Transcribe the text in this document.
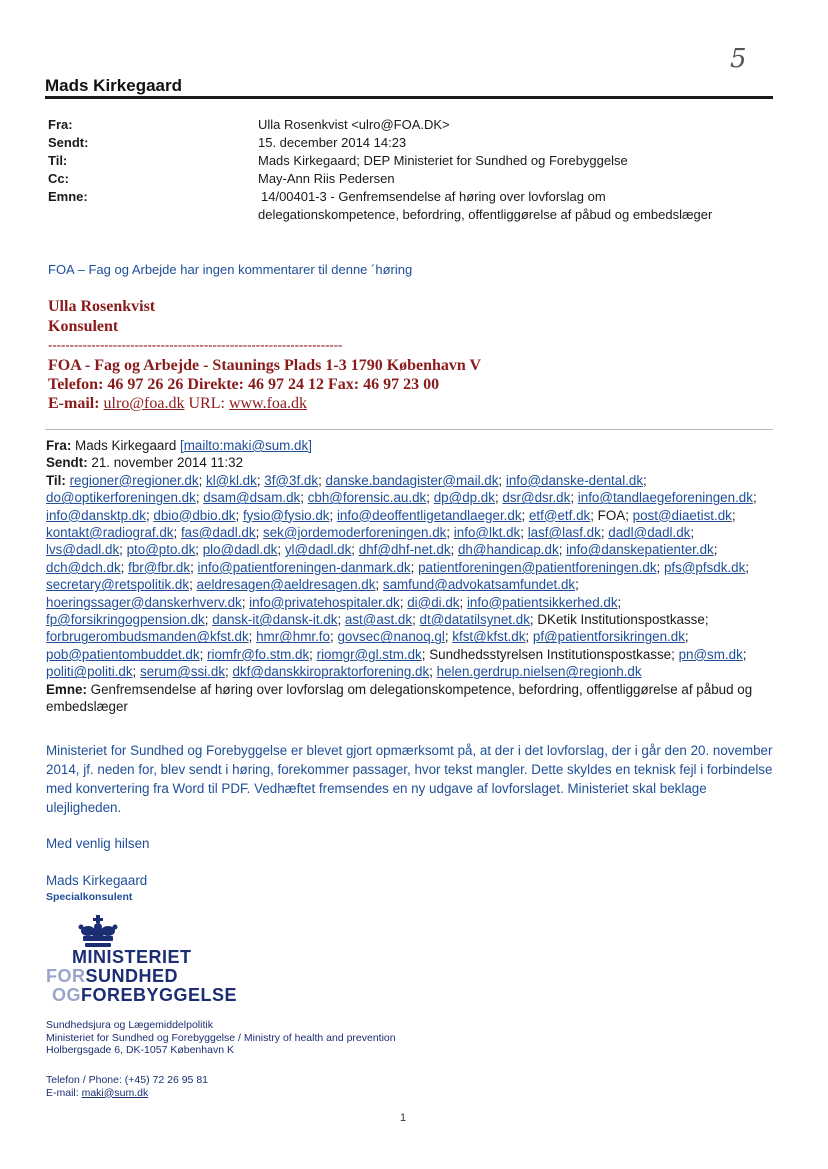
5
Mads Kirkegaard
Fra:	Ulla Rosenkvist <ulro@FOA.DK>
Sendt:	15. december 2014 14:23
Til:	Mads Kirkegaard; DEP Ministeriet for Sundhed og Forebyggelse
Cc:	May-Ann Riis Pedersen
Emne:	14/00401-3 - Genfremsendelse af høring over lovforslag om
delegationskompetence, befordring, offentliggørelse af påbud og embedslæger
FOA – Fag og Arbejde har ingen kommentarer til denne ´høring
Ulla Rosenkvist
Konsulent
--------------------------------------------------------------------
FOA - Fag og Arbejde - Staunings Plads 1-3 1790 København V
Telefon: 46 97 26 26 Direkte: 46 97 24 12 Fax: 46 97 23 00
E-mail: ulro@foa.dk URL: www.foa.dk
Fra: Mads Kirkegaard [mailto:maki@sum.dk]
Sendt: 21. november 2014 11:32
Til: regioner@regioner.dk; kl@kl.dk; 3f@3f.dk; danske.bandagister@mail.dk; info@danske-dental.dk; do@optikerforeningen.dk; dsam@dsam.dk; cbh@forensic.au.dk; dp@dp.dk; dsr@dsr.dk; info@tandlaegeforeningen.dk; info@dansktp.dk; dbio@dbio.dk; fysio@fysio.dk; info@deoffentligetandlaeger.dk; etf@etf.dk; FOA; post@diaetist.dk; kontakt@radiograf.dk; fas@dadl.dk; sek@jordemoderforeningen.dk; info@lkt.dk; lasf@lasf.dk; dadl@dadl.dk; lvs@dadl.dk; pto@pto.dk; plo@dadl.dk; yl@dadl.dk; dhf@dhf-net.dk; dh@handicap.dk; info@danskepatienter.dk; dch@dch.dk; fbr@fbr.dk; info@patientforeningen-danmark.dk; patientforeningen@patientforeningen.dk; pfs@pfsdk.dk; secretary@retspolitik.dk; aeldresagen@aeldresagen.dk; samfund@advokatsamfundet.dk; hoeringssager@danskerhverv.dk; info@privatehospitaler.dk; di@di.dk; info@patientsikkerhed.dk; fp@forsikringogpension.dk; dansk-it@dansk-it.dk; ast@ast.dk; dt@datatilsynet.dk; DKetik Institutionspostkasse; forbrugerombudsmanden@kfst.dk; hmr@hmr.fo; govsec@nanoq.gl; kfst@kfst.dk; pf@patientforsikringen.dk; pob@patientombuddet.dk; riomfr@fo.stm.dk; riomgr@gl.stm.dk; Sundhedsstyrelsen Institutionspostkasse; pn@sm.dk; politi@politi.dk; serum@ssi.dk; dkf@danskkiropraktorforening.dk; helen.gerdrup.nielsen@regionh.dk
Emne: Genfremsendelse af høring over lovforslag om delegationskompetence, befordring, offentliggørelse af påbud og embedslæger
Ministeriet for Sundhed og Forebyggelse er blevet gjort opmærksomt på, at der i det lovforslag, der i går den 20. november 2014, jf. neden for, blev sendt i høring, forekommer passager, hvor tekst mangler. Dette skyldes en teknisk fejl i forbindelse med konvertering fra Word til PDF. Vedhæftet fremsendes en ny udgave af lovforslaget. Ministeriet skal beklage ulejligheden.
Med venlig hilsen
Mads Kirkegaard
Specialkonsulent
MINISTERIET
FORSUNDHED
OGFOREBYGGELSE
Sundhedsjura og Lægemiddelpolitik
Ministeriet for Sundhed og Forebyggelse / Ministry of health and prevention
Holbergsgade 6, DK-1057 København K
Telefon / Phone: (+45) 72 26 95 81
E-mail: maki@sum.dk
1
